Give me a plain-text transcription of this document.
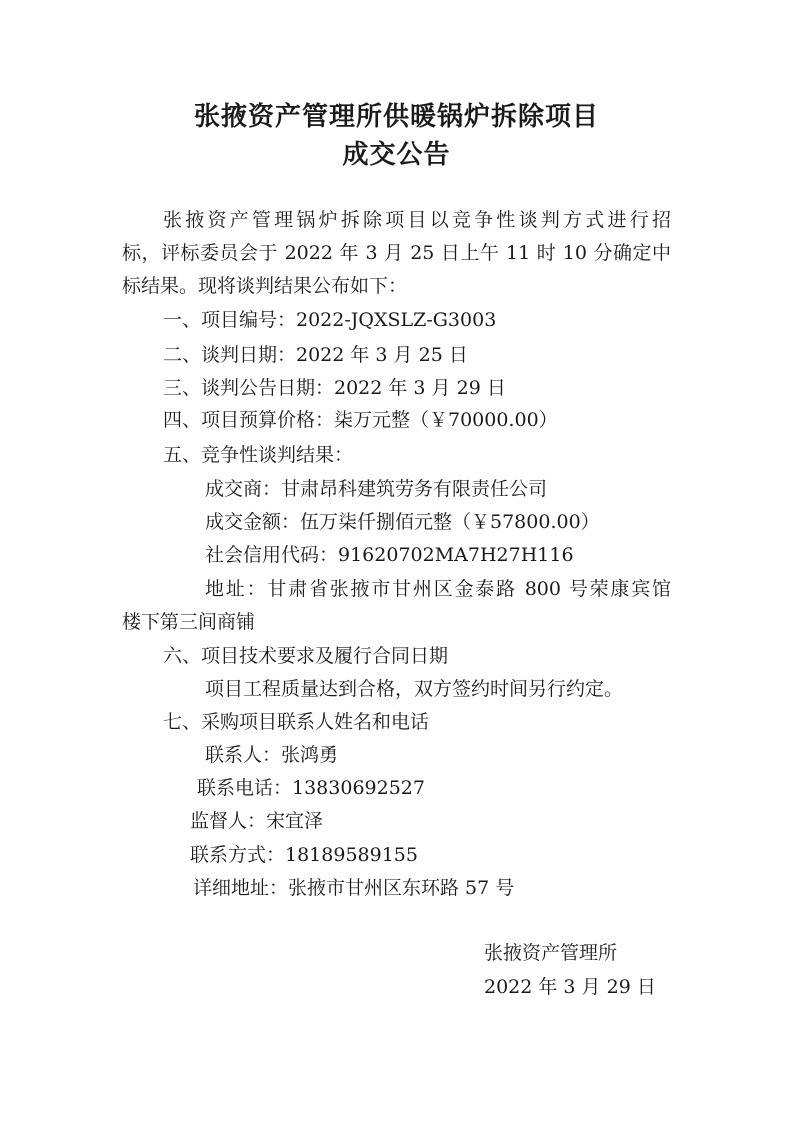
张掖资产管理所供暖锅炉拆除项目
成交公告
张掖资产管理锅炉拆除项目以竞争性谈判方式进行招
标，评标委员会于 2022 年 3 月 25 日上午 11 时 10 分确定中
标结果。现将谈判结果公布如下：
一、项目编号：2022-JQXSLZ-G3003
二、谈判日期：2022 年 3 月 25 日
三、谈判公告日期：2022 年 3 月 29 日
四、项目预算价格：柒万元整（￥70000.00）
五、竞争性谈判结果：
成交商：甘肃昂科建筑劳务有限责任公司
成交金额：伍万柒仟捌佰元整（￥57800.00）
社会信用代码：91620702MA7H27H116
地址：甘肃省张掖市甘州区金泰路 800 号荣康宾馆
楼下第三间商铺
六、项目技术要求及履行合同日期
项目工程质量达到合格，双方签约时间另行约定。
七、采购项目联系人姓名和电话
联系人：张鸿勇
联系电话：13830692527
监督人：宋宜泽
联系方式：18189589155
详细地址：张掖市甘州区东环路 57 号
张掖资产管理所
2022 年 3 月 29 日
